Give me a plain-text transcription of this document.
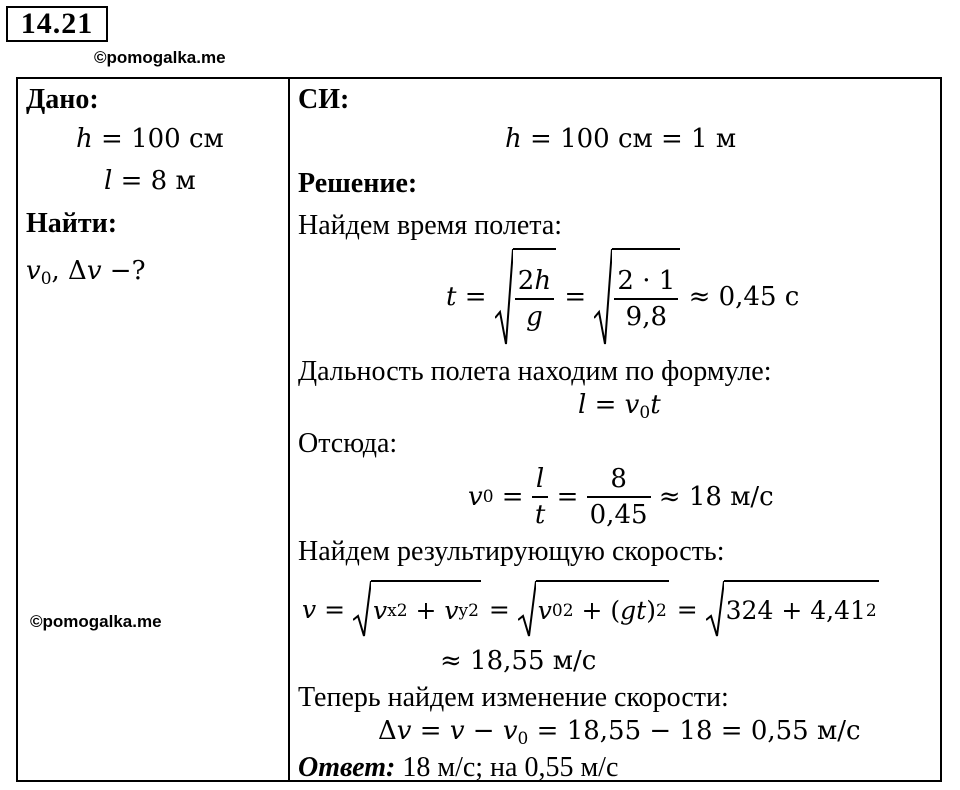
14.21
©pomogalka.me
Дано:
h = 100 см
l = 8 м
Найти:
$v_0$, Δv −?
©pomogalka.me
СИ:
h = 100 см = 1 м
Решение:
Найдем время полета:
$t = \frac{2h}{g} = \frac{2 \cdot 1}{9,8}$
≈ 0,45 с
Дальность полета находим по формуле:
$l = v_0t$
Отсюда:
v $0 = \frac{l}{t} = \frac{8}{0,45}$
≈ 18 м/с
Найдем результирующую скорость:
v = v x 2 + v y 2 = v 0 2 + ( gt ) 2 = 324 + 4,41 2
≈ 18,55 м/с
Теперь найдем изменение скорости:
$\Delta v = v - v_0 = 18,55 - 18 = 0,55$ м/с
Ответ: 18 м/с; на 0,55 м/с
